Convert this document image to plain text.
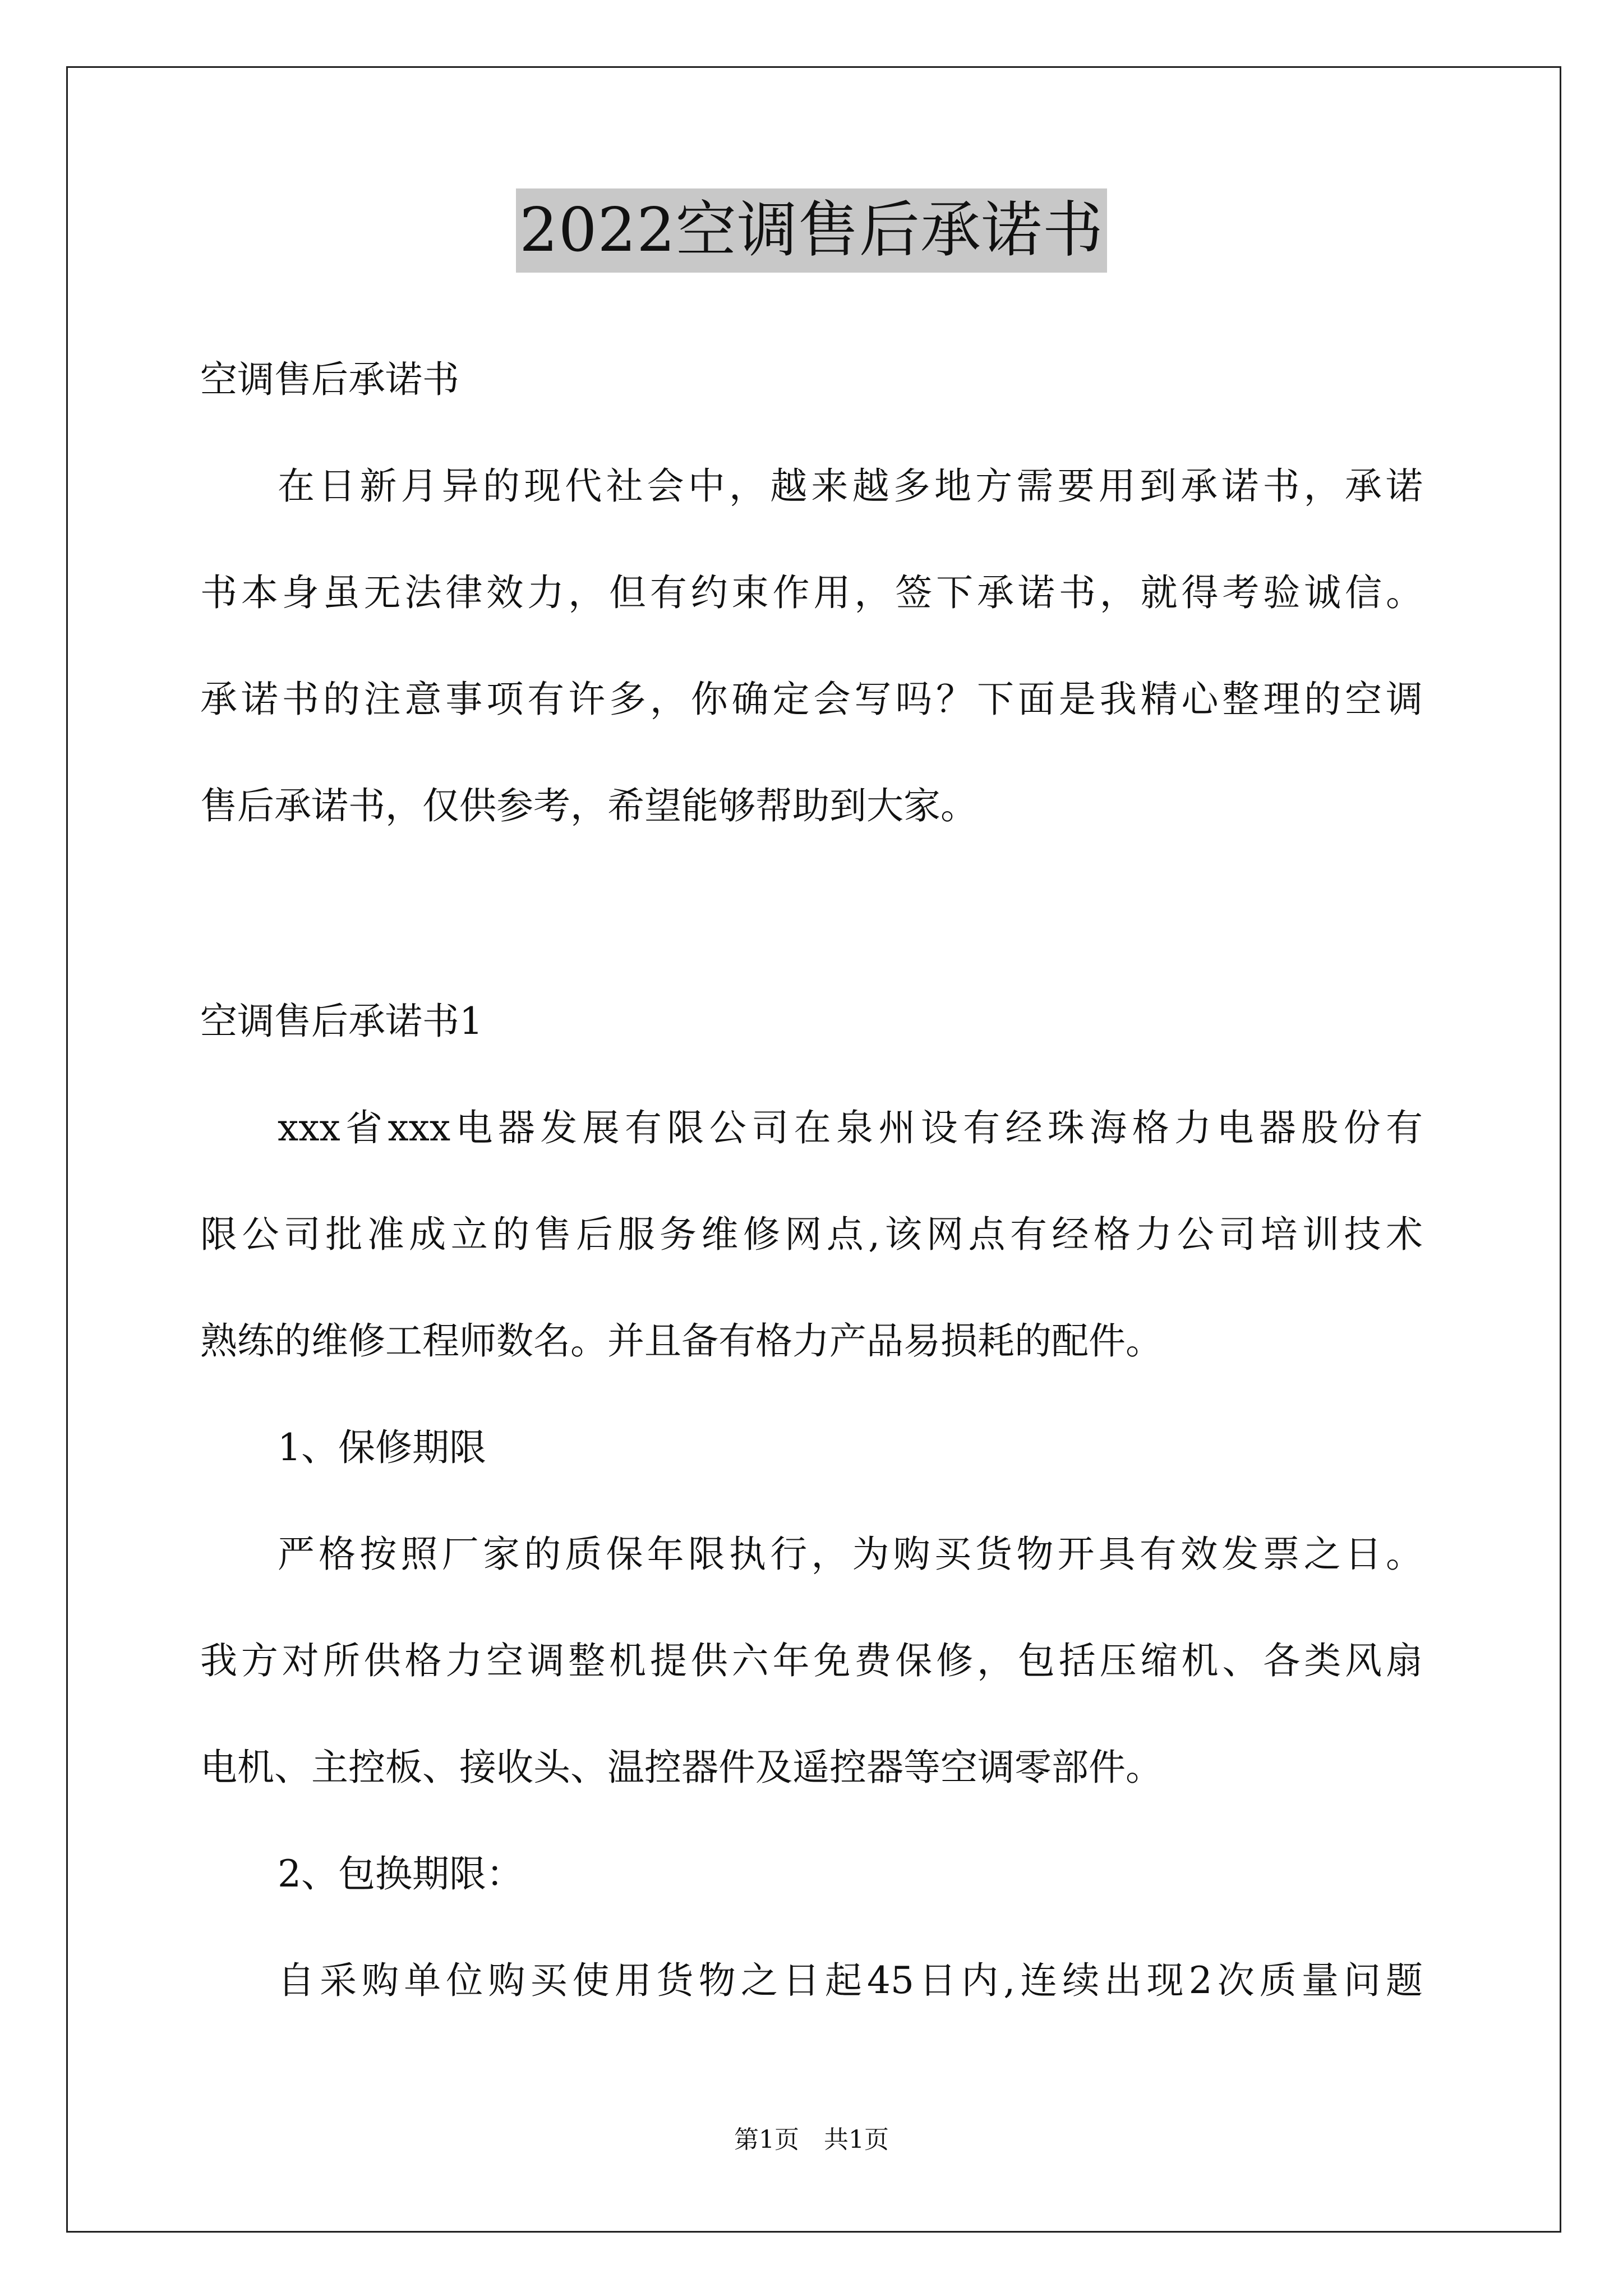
2022空调售后承诺书
空调售后承诺书
在日新月异的现代社会中，越来越多地方需要用到承诺书，承诺
书本身虽无法律效力，但有约束作用，签下承诺书，就得考验诚信。
承诺书的注意事项有许多，你确定会写吗？下面是我精心整理的空调
售后承诺书，仅供参考，希望能够帮助到大家。
空调售后承诺书1
xxx省xxx电器发展有限公司在泉州设有经珠海格力电器股份有
限公司批准成立的售后服务维修网点,该网点有经格力公司培训技术
熟练的维修工程师数名。并且备有格力产品易损耗的配件。
1、保修期限
严格按照厂家的质保年限执行，为购买货物开具有效发票之日。
我方对所供格力空调整机提供六年免费保修，包括压缩机、各类风扇
电机、主控板、接收头、温控器件及遥控器等空调零部件。
2、包换期限：
自采购单位购买使用货物之日起45日内,连续出现2次质量问题
第1页　共1页
